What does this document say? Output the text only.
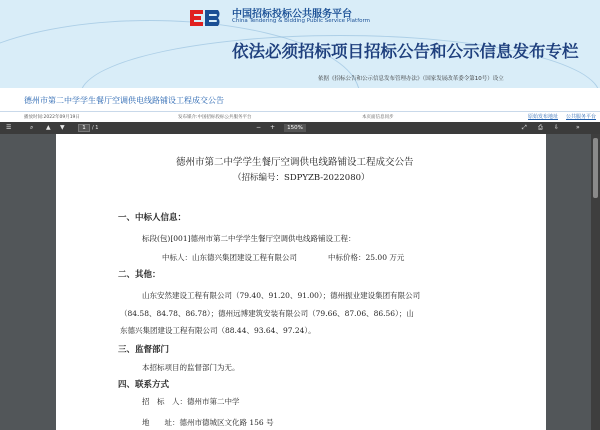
中国招标投标公共服务平台
China Tendering & Bidding Public Service Platform
依法必须招标项目招标公告和公示信息发布专栏
依据《招标公告和公示信息发布管理办法》（国家发展改革委令第10号）设立
德州市第二中学学生餐厅空调供电线路铺设工程成交公告
播放时间:2022年09月19日	发布媒介:中国招标投标公共服务平台	本页面信息同步	原始发布地址 公共服务平台
☰	⌕ ▲ ▼	1	/ 1	− +	150%	⤢ ⎙ ⇩	»
德州市第二中学学生餐厅空调供电线路铺设工程成交公告
（招标编号：SDPYZB-2022080）
一、中标人信息：
标段(包)[001]德州市第二中学学生餐厅空调供电线路铺设工程：
中标人：山东德兴集团建设工程有限公司	中标价格：25.00 万元
二、其他：
山东安然建设工程有限公司（79.40、91.20、91.00）；德州振业建设集团有限公司
（84.58、84.78、86.78）；德州远博建筑安装有限公司（79.66、87.06、86.56）；山
东德兴集团建设工程有限公司（88.44、93.64、97.24）。
三、监督部门
本招标项目的监督部门为无。
四、联系方式
招　标　人：德州市第二中学
地　　址：德州市德城区文化路 156 号
